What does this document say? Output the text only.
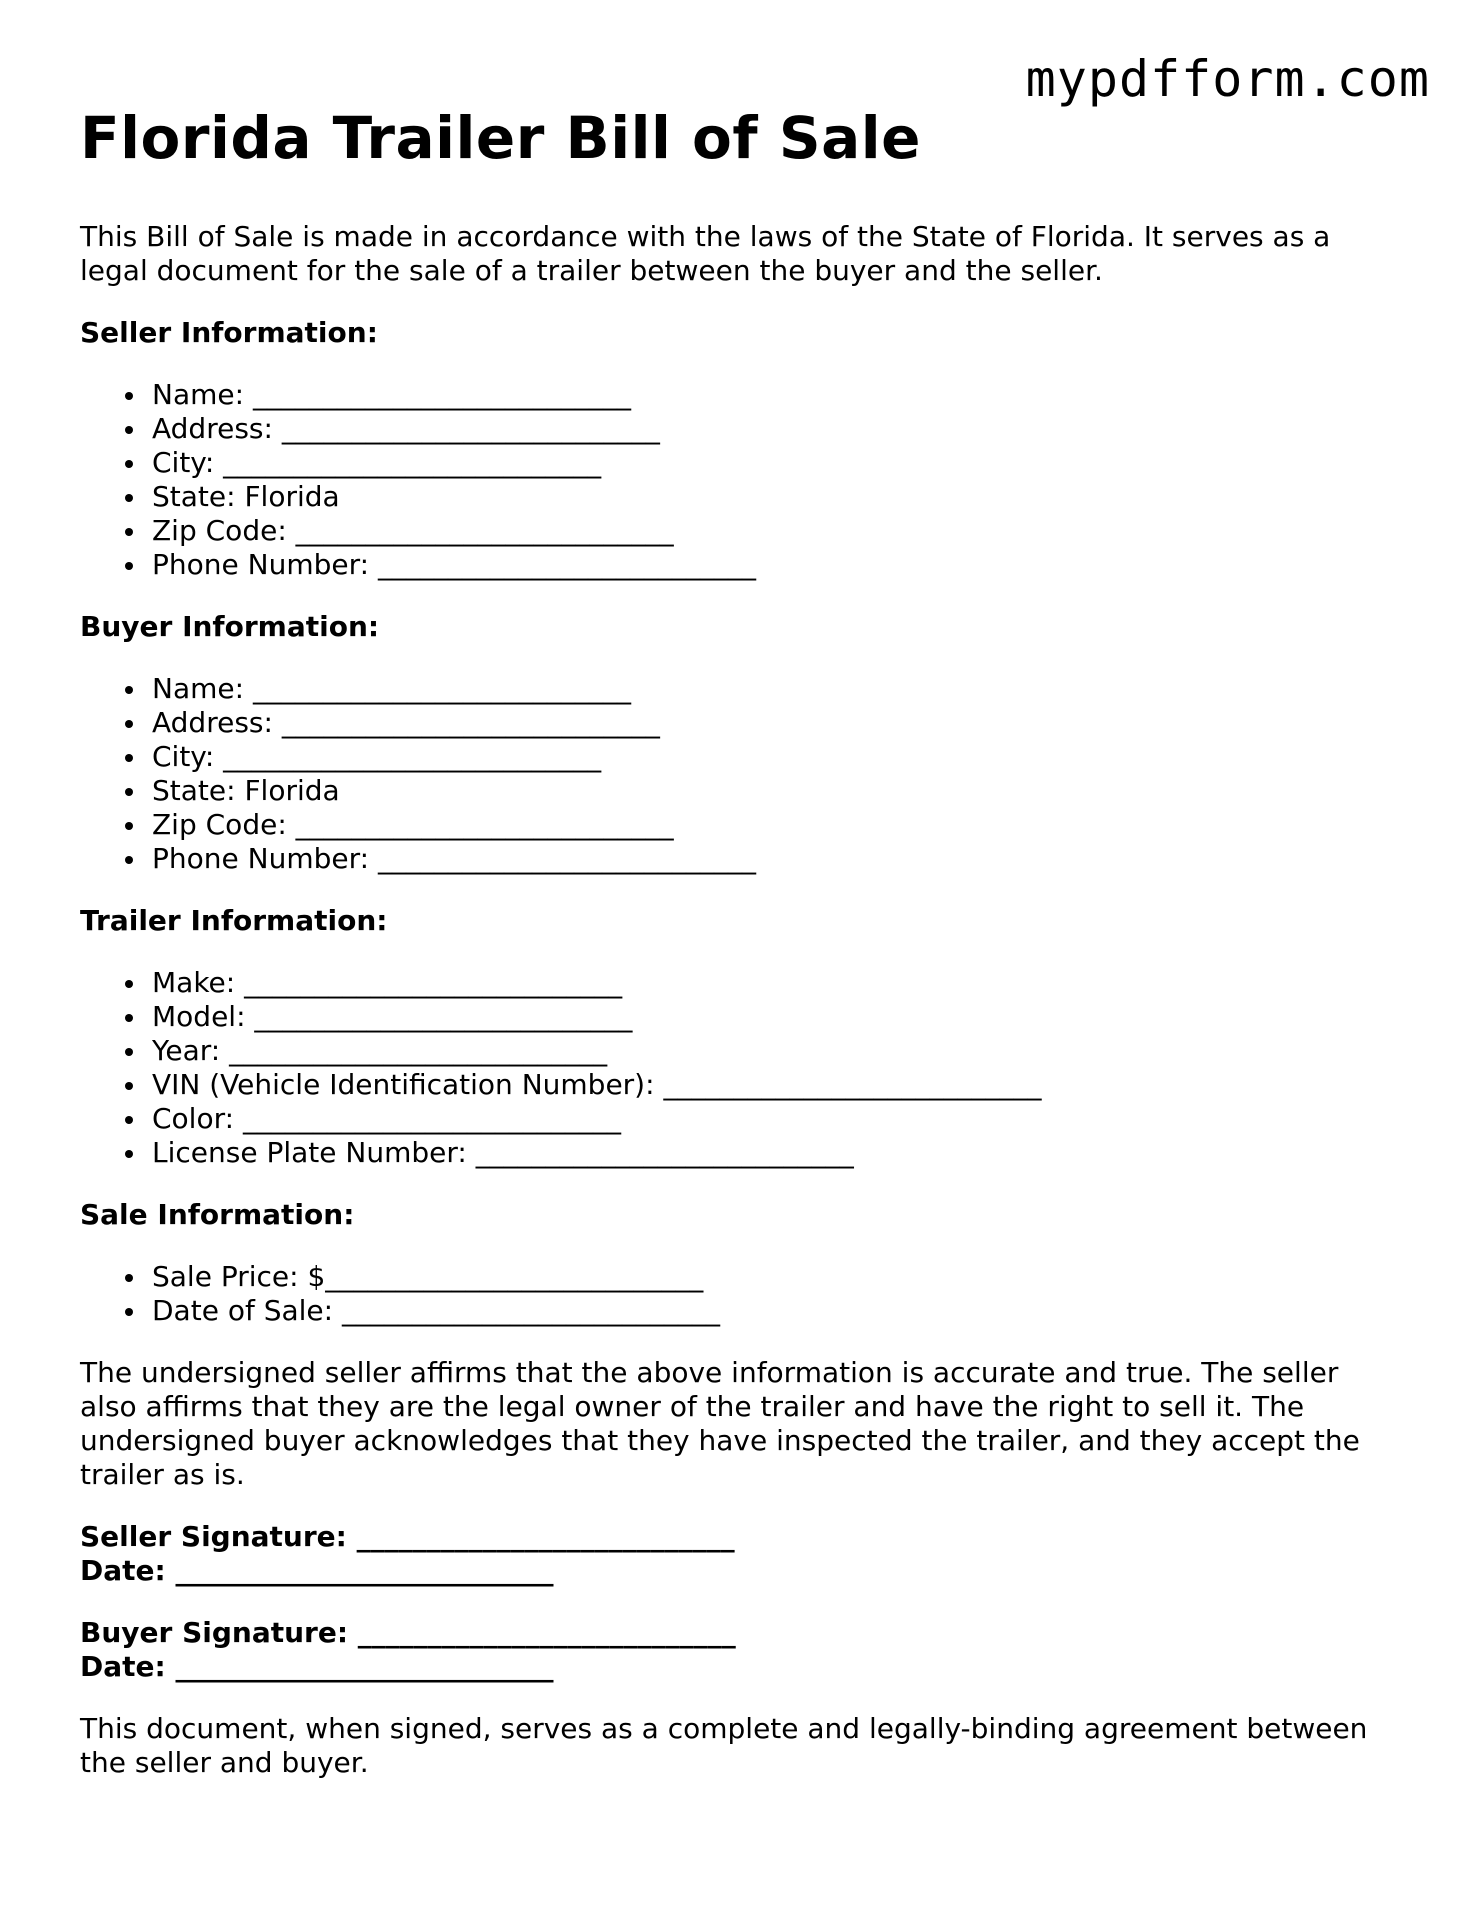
mypdfform.com
Florida Trailer Bill of Sale

This Bill of Sale is made in accordance with the laws of the State of Florida. It serves as a legal document for the sale of a trailer between the buyer and the seller.

Seller Information:
Name: ___________________________
Address: ___________________________
City: ___________________________
State: Florida
Zip Code: ___________________________
Phone Number: ___________________________
Buyer Information:
Name: ___________________________
Address: ___________________________
City: ___________________________
State: Florida
Zip Code: ___________________________
Phone Number: ___________________________
Trailer Information:
Make: ___________________________
Model: ___________________________
Year: ___________________________
VIN (Vehicle Identification Number): ___________________________
Color: ___________________________
License Plate Number: ___________________________
Sale Information:
Sale Price: $___________________________
Date of Sale: ___________________________

The undersigned seller affirms that the above information is accurate and true. The seller also affirms that they are the legal owner of the trailer and have the right to sell it. The undersigned buyer acknowledges that they have inspected the trailer, and they accept the trailer as is.

Seller Signature: ___________________________
Date: ___________________________
Buyer Signature: ___________________________
Date: ___________________________

This document, when signed, serves as a complete and legally-binding agreement between the seller and buyer.
